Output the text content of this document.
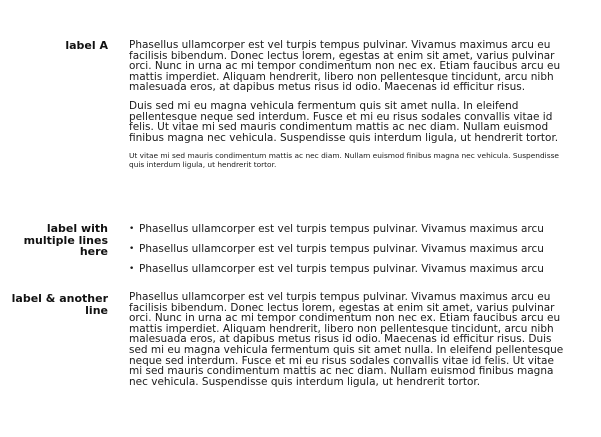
label A Phasellus ullamcorper est vel turpis tempus pulvinar. Vivamus maximus arcu eu facilisis bibendum. Donec lectus lorem, egestas at enim sit amet, varius pulvinar orci. Nunc in urna ac mi tempor condimentum non nec ex. Etiam faucibus arcu eu mattis imperdiet. Aliquam hendrerit, libero non pellentesque tincidunt, arcu nibh malesuada eros, at dapibus metus risus id odio. Maecenas id efficitur risus.

Duis sed mi eu magna vehicula fermentum quis sit amet nulla. In eleifend pellentesque neque sed interdum. Fusce et mi eu risus sodales convallis vitae id felis. Ut vitae mi sed mauris condimentum mattis ac nec diam. Nullam euismod finibus magna nec vehicula. Suspendisse quis interdum ligula, ut hendrerit tortor.

Ut vitae mi sed mauris condimentum mattis ac nec diam. Nullam euismod finibus magna nec vehicula. Suspendisse quis interdum ligula, ut hendrerit tortor.

label with multiple lines here
• Phasellus ullamcorper est vel turpis tempus pulvinar. Vivamus maximus arcu
• Phasellus ullamcorper est vel turpis tempus pulvinar. Vivamus maximus arcu
• Phasellus ullamcorper est vel turpis tempus pulvinar. Vivamus maximus arcu
label & another line

Phasellus ullamcorper est vel turpis tempus pulvinar. Vivamus maximus arcu eu facilisis bibendum. Donec lectus lorem, egestas at enim sit amet, varius pulvinar orci. Nunc in urna ac mi tempor condimentum non nec ex. Etiam faucibus arcu eu mattis imperdiet. Aliquam hendrerit, libero non pellentesque tincidunt, arcu nibh malesuada eros, at dapibus metus risus id odio. Maecenas id efficitur risus. Duis sed mi eu magna vehicula fermentum quis sit amet nulla. In eleifend pellentesque neque sed interdum. Fusce et mi eu risus sodales convallis vitae id felis. Ut vitae mi sed mauris condimentum mattis ac nec diam. Nullam euismod finibus magna nec vehicula. Suspendisse quis interdum ligula, ut hendrerit tortor.
